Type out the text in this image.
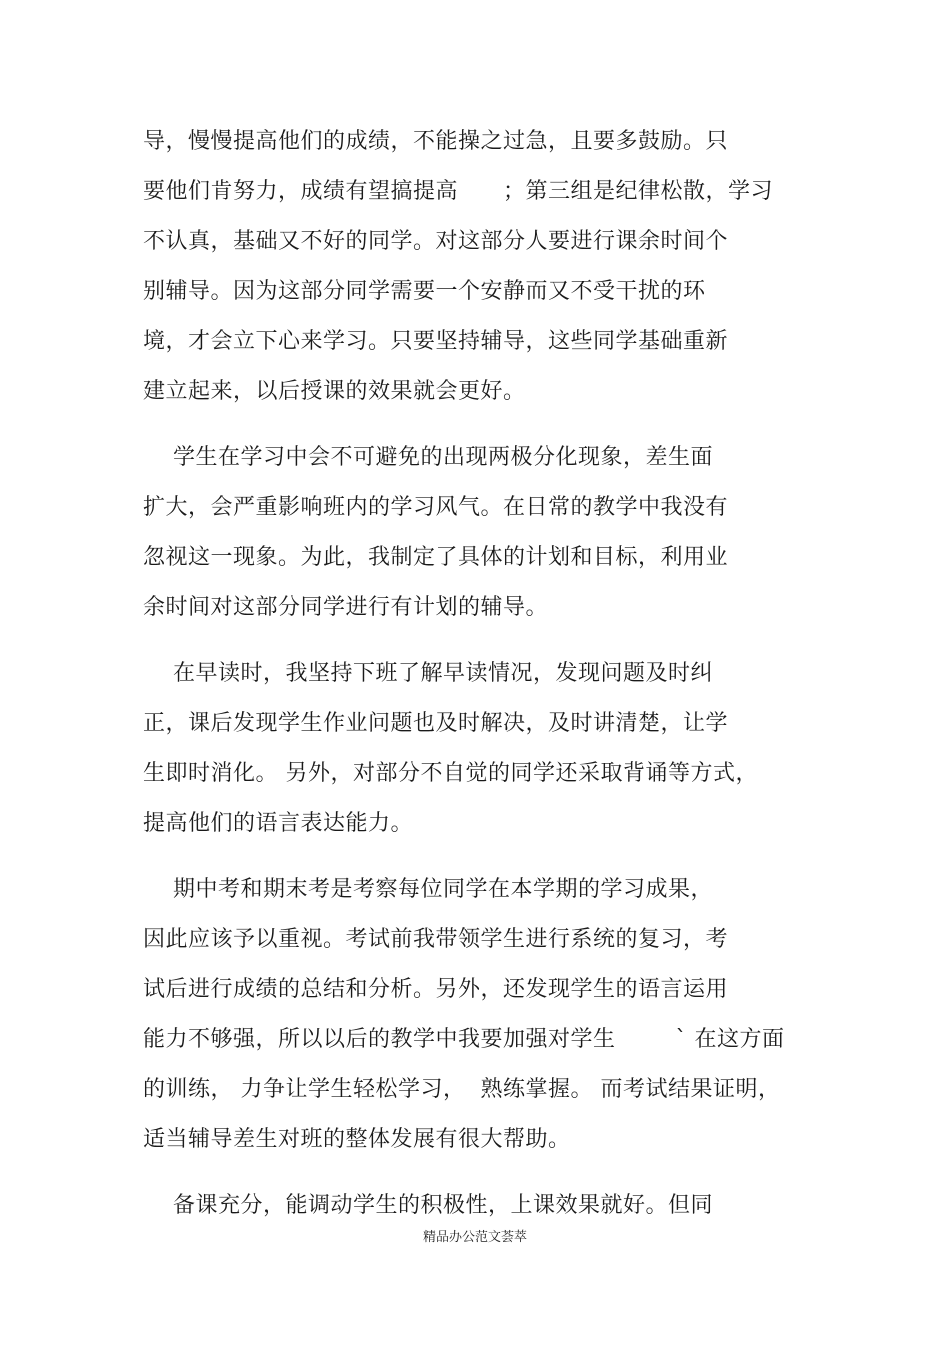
导，慢慢提高他们的成绩，不能操之过急，且要多鼓励。只
要他们肯努力，成绩有望搞提高      ；第三组是纪律松散，学习
不认真，基础又不好的同学。对这部分人要进行课余时间个
别辅导。因为这部分同学需要一个安静而又不受干扰的环
境，才会立下心来学习。只要坚持辅导，这些同学基础重新
建立起来，以后授课的效果就会更好。
学生在学习中会不可避免的出现两极分化现象，差生面
扩大，会严重影响班内的学习风气。在日常的教学中我没有
忽视这一现象。为此，我制定了具体的计划和目标，利用业
余时间对这部分同学进行有计划的辅导。
在早读时，我坚持下班了解早读情况，发现问题及时纠
正，课后发现学生作业问题也及时解决，及时讲清楚，让学
生即时消化。 另外，对部分不自觉的同学还采取背诵等方式，
提高他们的语言表达能力。
期中考和期末考是考察每位同学在本学期的学习成果，
因此应该予以重视。考试前我带领学生进行系统的复习，考
试后进行成绩的总结和分析。另外，还发现学生的语言运用
能力不够强，所以以后的教学中我要加强对学生        ` 在这方面
的训练， 力争让学生轻松学习，  熟练掌握。 而考试结果证明，
适当辅导差生对班的整体发展有很大帮助。
备课充分，能调动学生的积极性，上课效果就好。但同
精品办公范文荟萃
